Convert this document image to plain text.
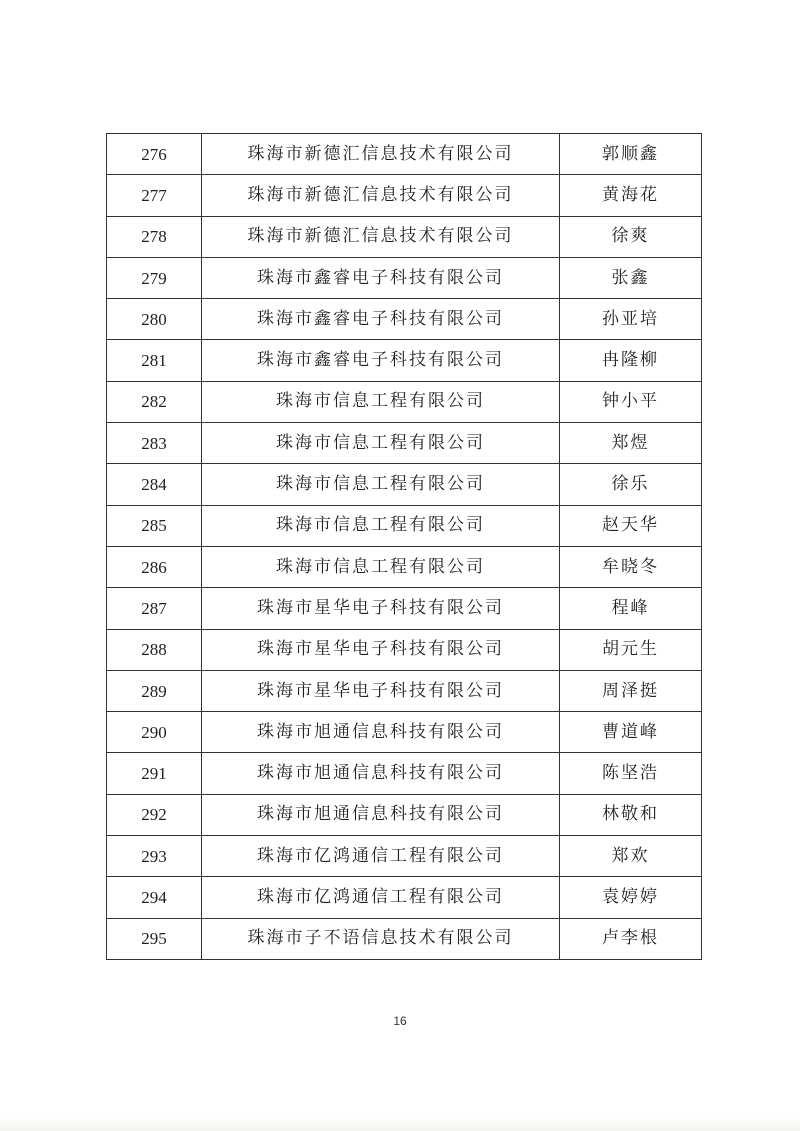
276	珠海市新德汇信息技术有限公司	郭顺鑫
277	珠海市新德汇信息技术有限公司	黄海花
278	珠海市新德汇信息技术有限公司	徐爽
279	珠海市鑫睿电子科技有限公司	张鑫
280	珠海市鑫睿电子科技有限公司	孙亚培
281	珠海市鑫睿电子科技有限公司	冉隆柳
282	珠海市信息工程有限公司	钟小平
283	珠海市信息工程有限公司	郑煜
284	珠海市信息工程有限公司	徐乐
285	珠海市信息工程有限公司	赵天华
286	珠海市信息工程有限公司	牟晓冬
287	珠海市星华电子科技有限公司	程峰
288	珠海市星华电子科技有限公司	胡元生
289	珠海市星华电子科技有限公司	周泽挺
290	珠海市旭通信息科技有限公司	曹道峰
291	珠海市旭通信息科技有限公司	陈坚浩
292	珠海市旭通信息科技有限公司	林敬和
293	珠海市亿鸿通信工程有限公司	郑欢
294	珠海市亿鸿通信工程有限公司	袁婷婷
295	珠海市子不语信息技术有限公司	卢李根
16
